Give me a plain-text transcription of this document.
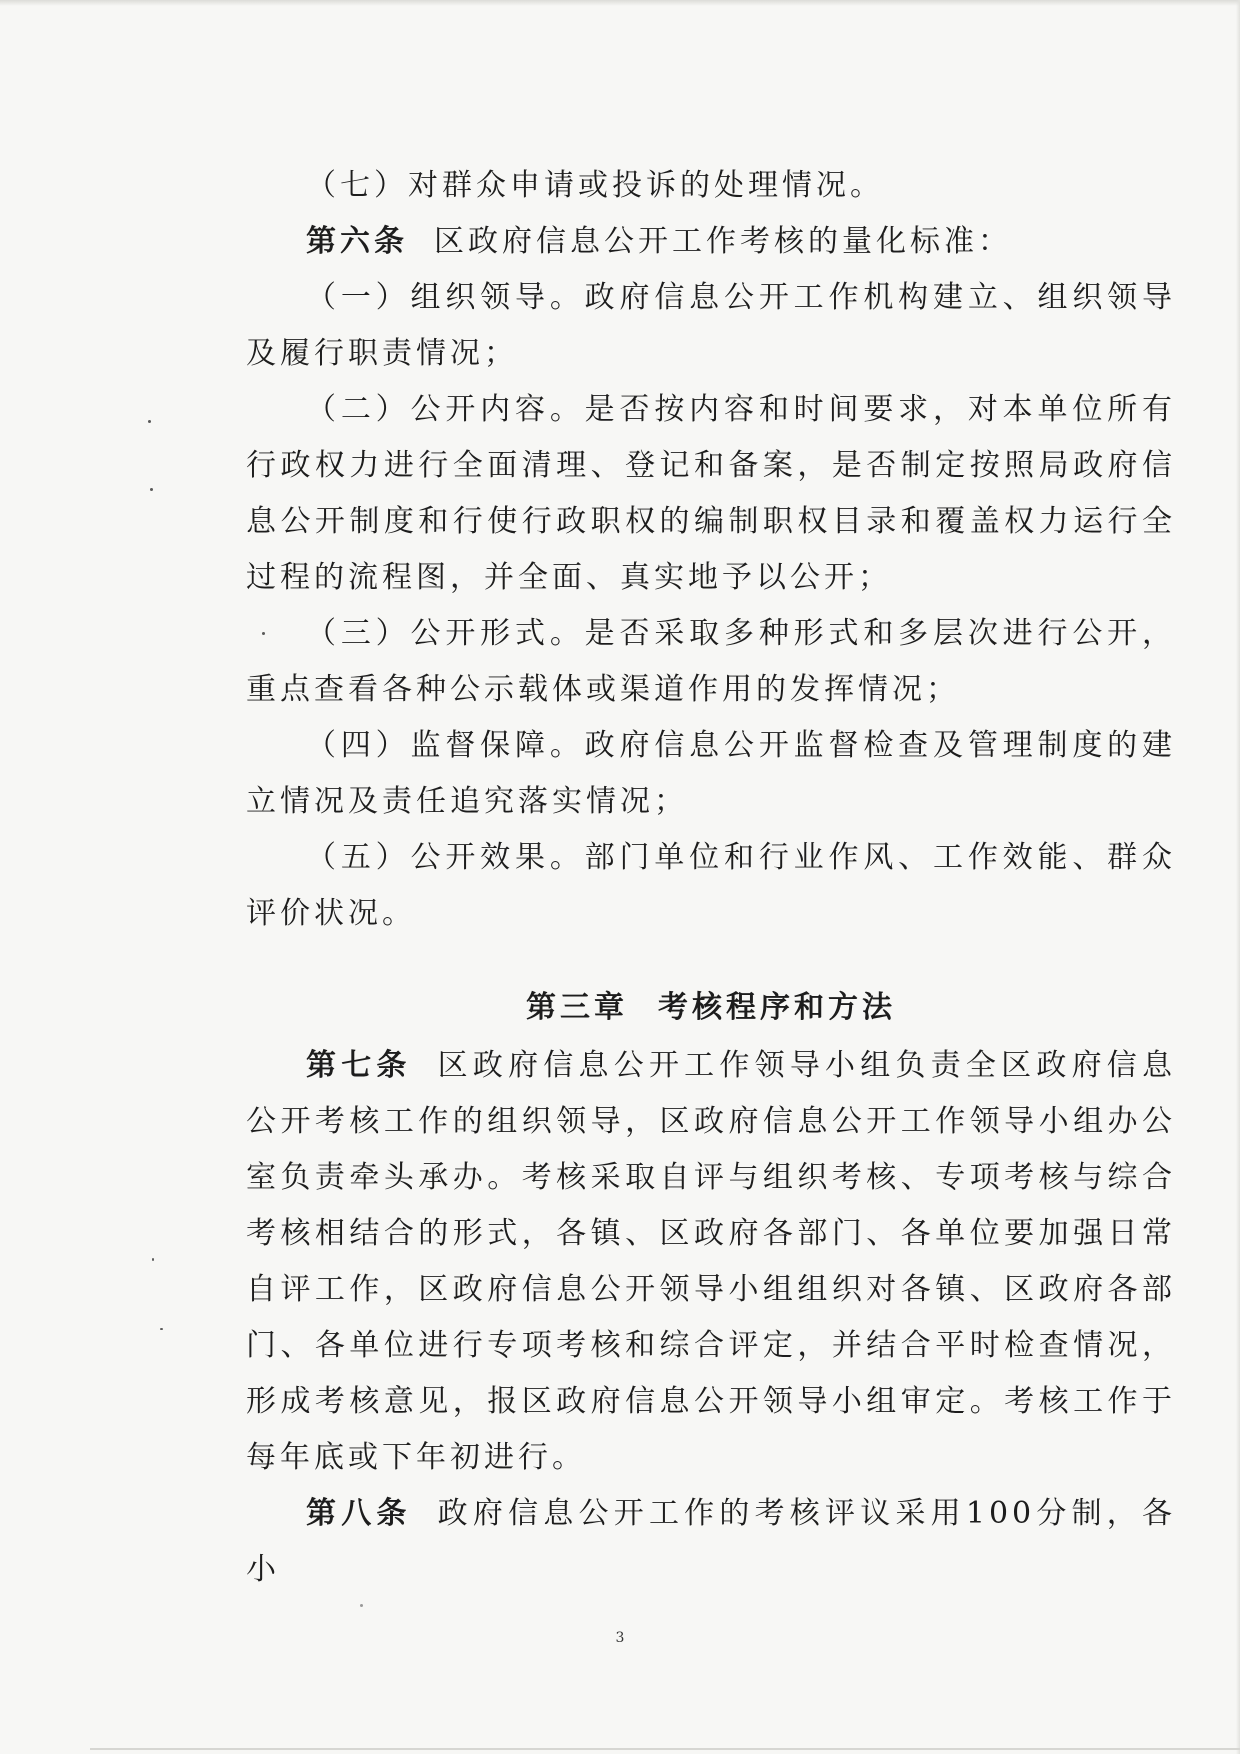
（七）对群众申请或投诉的处理情况。

第六条 区政府信息公开工作考核的量化标准：

（一）组织领导。政府信息公开工作机构建立、组织领导及履行职责情况；

（二）公开内容。是否按内容和时间要求，对本单位所有行政权力进行全面清理、登记和备案，是否制定按照局政府信息公开制度和行使行政职权的编制职权目录和覆盖权力运行全过程的流程图，并全面、真实地予以公开；

（三）公开形式。是否采取多种形式和多层次进行公开，重点查看各种公示载体或渠道作用的发挥情况；

（四）监督保障。政府信息公开监督检查及管理制度的建立情况及责任追究落实情况；

（五）公开效果。部门单位和行业作风、工作效能、群众评价状况。

第三章 考核程序和方法

第七条 区政府信息公开工作领导小组负责全区政府信息公开考核工作的组织领导，区政府信息公开工作领导小组办公室负责牵头承办。考核采取自评与组织考核、专项考核与综合考核相结合的形式，各镇、区政府各部门、各单位要加强日常自评工作，区政府信息公开领导小组组织对各镇、区政府各部门、各单位进行专项考核和综合评定，并结合平时检查情况，形成考核意见，报区政府信息公开领导小组审定。考核工作于每年底或下年初进行。

第八条 政府信息公开工作的考核评议采用100分制，各小

3
